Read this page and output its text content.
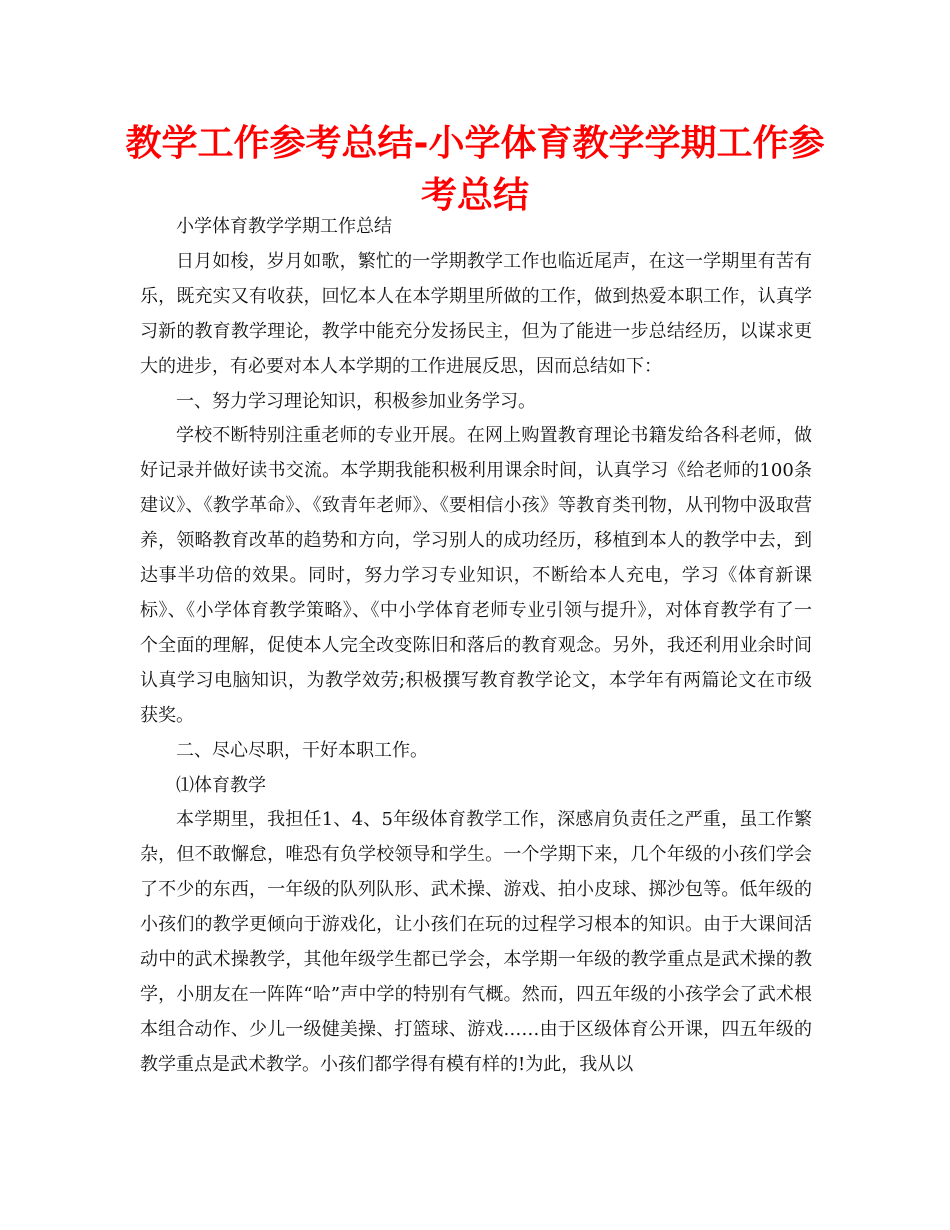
教学工作参考总结-小学体育教学学期工作参考总结

小学体育教学学期工作总结

日月如梭，岁月如歌，繁忙的一学期教学工作也临近尾声，在这一学期里有苦有乐，既充实又有收获，回忆本人在本学期里所做的工作，做到热爱本职工作，认真学习新的教育教学理论，教学中能充分发扬民主，但为了能进一步总结经历，以谋求更大的进步，有必要对本人本学期的工作进展反思，因而总结如下：

一、努力学习理论知识，积极参加业务学习。

学校不断特别注重老师的专业开展。在网上购置教育理论书籍发给各科老师，做好记录并做好读书交流。本学期我能积极利用课余时间，认真学习《给老师的100条建议》、《教学革命》、《致青年老师》、《要相信小孩》等教育类刊物，从刊物中汲取营养，领略教育改革的趋势和方向，学习别人的成功经历，移植到本人的教学中去，到达事半功倍的效果。同时，努力学习专业知识，不断给本人充电，学习《体育新课标》、《小学体育教学策略》、《中小学体育老师专业引领与提升》，对体育教学有了一个全面的理解，促使本人完全改变陈旧和落后的教育观念。另外，我还利用业余时间认真学习电脑知识，为教学效劳;积极撰写教育教学论文，本学年有两篇论文在市级获奖。

二、尽心尽职，干好本职工作。

⑴体育教学

本学期里，我担任1、4、5年级体育教学工作，深感肩负责任之严重，虽工作繁杂，但不敢懈怠，唯恐有负学校领导和学生。一个学期下来，几个年级的小孩们学会了不少的东西，一年级的队列队形、武术操、游戏、拍小皮球、掷沙包等。低年级的小孩们的教学更倾向于游戏化，让小孩们在玩的过程学习根本的知识。由于大课间活动中的武术操教学，其他年级学生都已学会，本学期一年级的教学重点是武术操的教学，小朋友在一阵阵“哈”声中学的特别有气概。然而，四五年级的小孩学会了武术根本组合动作、少儿一级健美操、打篮球、游戏……由于区级体育公开课，四五年级的教学重点是武术教学。小孩们都学得有模有样的!为此，我从以
